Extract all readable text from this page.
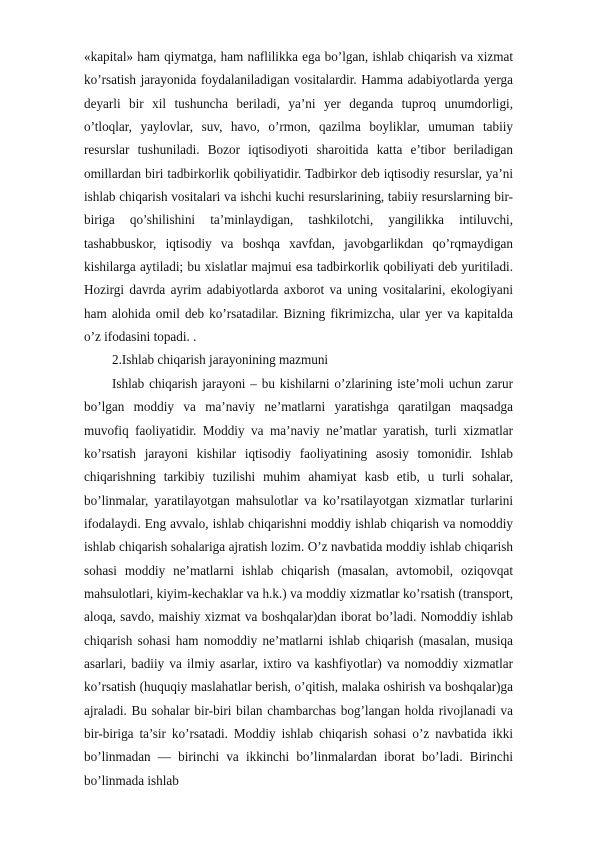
«kapital» ham qiymatga, ham naflilikka ega bo’lgan, ishlab chiqarish va xizmat ko’rsatish jarayonida foydalaniladigan vositalardir. Hamma adabiyotlarda yerga deyarli bir xil tushuncha beriladi, ya’ni yer deganda tuproq unumdorligi, o’tloqlar, yaylovlar, suv, havo, o’rmon, qazilma boyliklar, umuman tabiiy resurslar tushuniladi. Bozor iqtisodiyoti sharoitida katta e’tibor beriladigan omillardan biri tadbirkorlik qobiliyatidir. Tadbirkor deb iqtisodiy resurslar, ya’ni ishlab chiqarish vositalari va ishchi kuchi resurslarining, tabiiy resurslarning bir-biriga qo’shilishini ta’minlaydigan, tashkilotchi, yangilikka intiluvchi, tashabbuskor, iqtisodiy va boshqa xavfdan, javobgarlikdan qo’rqmaydigan kishilarga aytiladi; bu xislatlar majmui esa tadbirkorlik qobiliyati deb yuritiladi. Hozirgi davrda ayrim adabiyotlarda axborot va uning vositalarini, ekologiyani ham alohida omil deb ko’rsatadilar. Bizning fikrimizcha, ular yer va kapitalda o’z ifodasini topadi. .

2.Ishlab chiqarish jarayonining mazmuni

Ishlab chiqarish jarayoni – bu kishilarni o’zlarining iste’moli uchun zarur bo’lgan moddiy va ma’naviy ne’matlarni yaratishga qaratilgan maqsadga muvofiq faoliyatidir. Moddiy va ma’naviy ne’matlar yaratish, turli xizmatlar ko’rsatish jarayoni kishilar iqtisodiy faoliyatining asosiy tomonidir. Ishlab chiqarishning tarkibiy tuzilishi muhim ahamiyat kasb etib, u turli sohalar, bo’linmalar, yaratilayotgan mahsulotlar va ko’rsatilayotgan xizmatlar turlarini ifodalaydi. Eng avvalo, ishlab chiqarishni moddiy ishlab chiqarish va nomoddiy ishlab chiqarish sohalariga ajratish lozim. O’z navbatida moddiy ishlab chiqarish sohasi moddiy ne’matlarni ishlab chiqarish (masalan, avtomobil, oziqovqat mahsulotlari, kiyim-kechaklar va h.k.) va moddiy xizmatlar ko’rsatish (transport, aloqa, savdo, maishiy xizmat va boshqalar)dan iborat bo’ladi. Nomoddiy ishlab chiqarish sohasi ham nomoddiy ne’matlarni ishlab chiqarish (masalan, musiqa asarlari, badiiy va ilmiy asarlar, ixtiro va kashfiyotlar) va nomoddiy xizmatlar ko’rsatish (huquqiy maslahatlar berish, o’qitish, malaka oshirish va boshqalar)ga ajraladi. Bu sohalar bir-biri bilan chambarchas bog’langan holda rivojlanadi va bir-biriga ta’sir ko’rsatadi. Moddiy ishlab chiqarish sohasi o’z navbatida ikki bo’linmadan — birinchi va ikkinchi bo’linmalardan iborat bo’ladi. Birinchi bo’linmada ishlab
